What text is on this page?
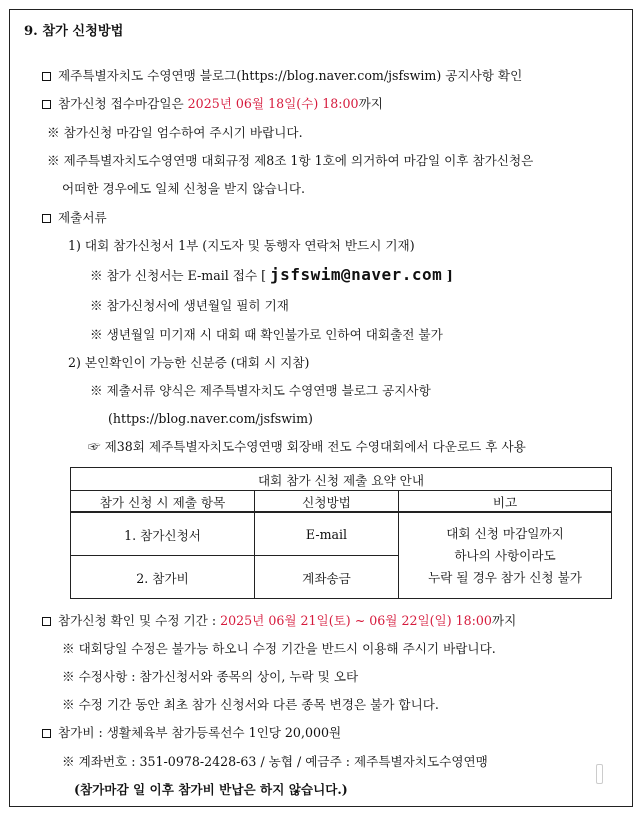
9. 참가 신청방법
제주특별자치도 수영연맹 블로그(https://blog.naver.com/jsfswim) 공지사항 확인
참가신청 접수마감일은 2025년 06월 18일(수) 18:00까지
※ 참가신청 마감일 엄수하여 주시기 바랍니다.
※ 제주특별자치도수영연맹 대회규정 제8조 1항 1호에 의거하여 마감일 이후 참가신청은
어떠한 경우에도 일체 신청을 받지 않습니다.
제출서류
1) 대회 참가신청서 1부 (지도자 및 동행자 연락처 반드시 기재)
※ 참가 신청서는 E-mail 접수 [ jsfswim@naver.com ]
※ 참가신청서에 생년월일 필히 기재
※ 생년월일 미기재 시 대회 때 확인불가로 인하여 대회출전 불가
2) 본인확인이 가능한 신분증 (대회 시 지참)
※ 제출서류 양식은 제주특별자치도 수영연맹 블로그 공지사항
(https://blog.naver.com/jsfswim)
☞ 제38회 제주특별자치도수영연맹 회장배 전도 수영대회에서 다운로드 후 사용
대회 참가 신청 제출 요약 안내		
참가 신청 시 제출 항목	신청방법	비고
1. 참가신청서	E-mail	대회 신청 마감일까지
하나의 사항이라도
누락 될 경우 참가 신청 불가

2. 참가비	계좌송금	
참가신청 확인 및 수정 기간 : 2025년 06월 21일(토) ~ 06월 22일(일) 18:00까지
※ 대회당일 수정은 불가능 하오니 수정 기간을 반드시 이용해 주시기 바랍니다.
※ 수정사항 : 참가신청서와 종목의 상이, 누락 및 오타
※ 수정 기간 동안 최초 참가 신청서와 다른 종목 변경은 불가 합니다.
참가비 : 생활체육부 참가등록선수 1인당 20,000원
※ 계좌번호 : 351-0978-2428-63 / 농협 / 예금주 : 제주특별자치도수영연맹
(참가마감 일 이후 참가비 반납은 하지 않습니다.)
